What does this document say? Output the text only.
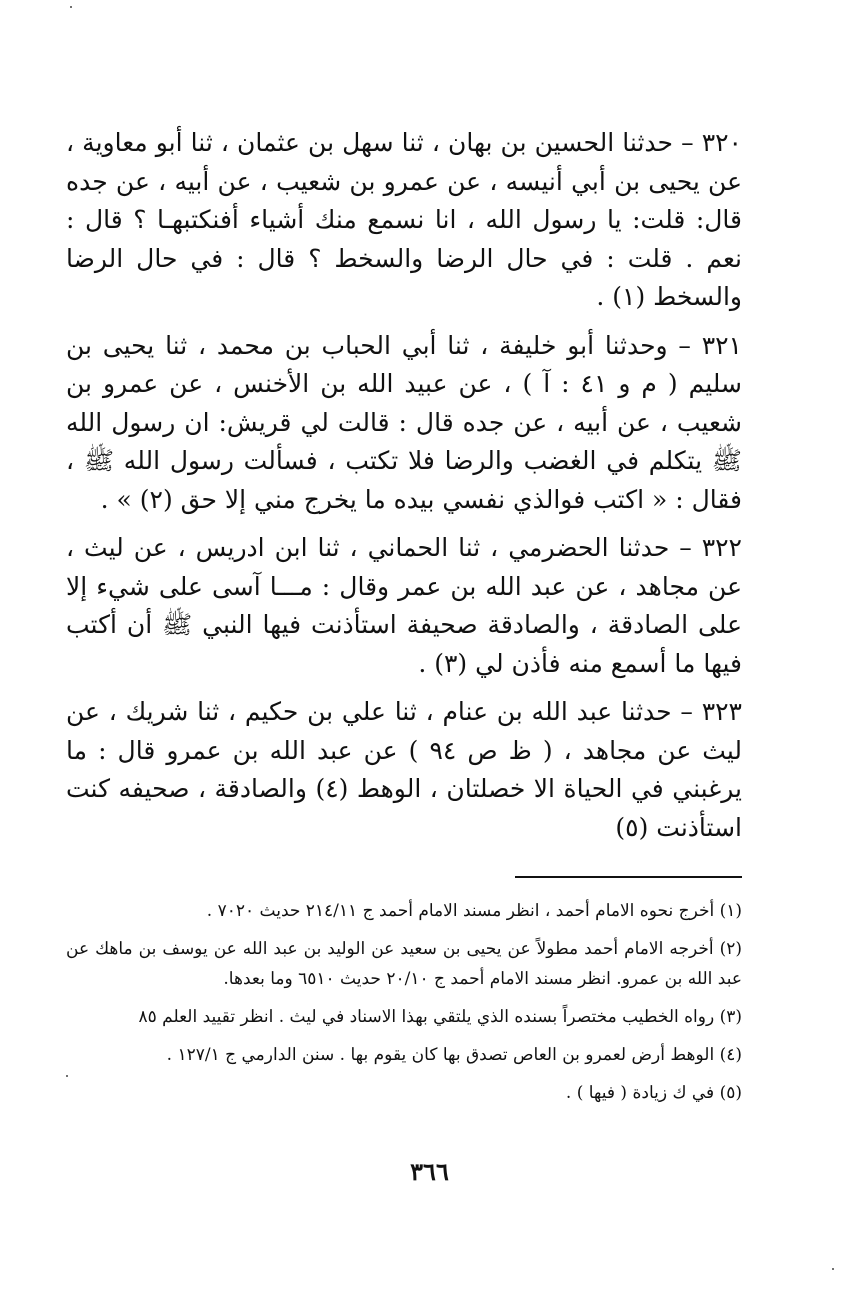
٣٢٠ – حدثنا الحسين بن بهان ، ثنا سهل بن عثمان ، ثنا أبو معاوية ، عن يحيى بن أبي أنيسه ، عن عمرو بن شعيب ، عن أبيه ، عن جده قال: قلت: يا رسول الله ، انا نسمع منك أشياء أفنكتبهـا ؟ قال : نعم . قلت : في حال الرضا والسخط ؟ قال : في حال الرضا والسخط (١) .

٣٢١ – وحدثنا أبو خليفة ، ثنا أبي الحباب بن محمد ، ثنا يحيى بن سليم ( م و ٤١ : آ ) ، عن عبيد الله بن الأخنس ، عن عمرو بن شعيب ، عن أبيه ، عن جده قال : قالت لي قريش: ان رسول الله ﷺ يتكلم في الغضب والرضا فلا تكتب ، فسألت رسول الله ﷺ ، فقال : « اكتب فوالذي نفسي بيده ما يخرج مني إلا حق (٢) » .

٣٢٢ – حدثنا الحضرمي ، ثنا الحماني ، ثنا ابن ادريس ، عن ليث ، عن مجاهد ، عن عبد الله بن عمر وقال : مـــا آسى على شيء إلا على الصادقة ، والصادقة صحيفة استأذنت فيها النبي ﷺ أن أكتب فيها ما أسمع منه فأذن لي (٣) .

٣٢٣ – حدثنا عبد الله بن عنام ، ثنا علي بن حكيم ، ثنا شريك ، عن ليث عن مجاهد ، ( ظ ص ٩٤ ) عن عبد الله بن عمرو قال : ما يرغبني في الحياة الا خصلتان ، الوهط (٤) والصادقة ، صحيفه كنت استأذنت (٥)

(١) أخرج نحوه الامام أحمد ، انظر مسند الامام أحمد ج ٢١٤/١١ حديث ٧٠٢٠ .

(٢) أخرجه الامام أحمد مطولاً عن يحيى بن سعيد عن الوليد بن عبد الله عن يوسف بن ماهك عن عبد الله بن عمرو. انظر مسند الامام أحمد ج ٢٠/١٠ حديث ٦٥١٠ وما بعدها.

(٣) رواه الخطيب مختصراً بسنده الذي يلتقي بهذا الاسناد في ليث . انظر تقييد العلم ٨٥

(٤) الوهط أرض لعمرو بن العاص تصدق بها كان يقوم بها . سنن الدارمي ج ١٢٧/١ .

(٥) في ك زيادة ( فيها ) .

٣٦٦
